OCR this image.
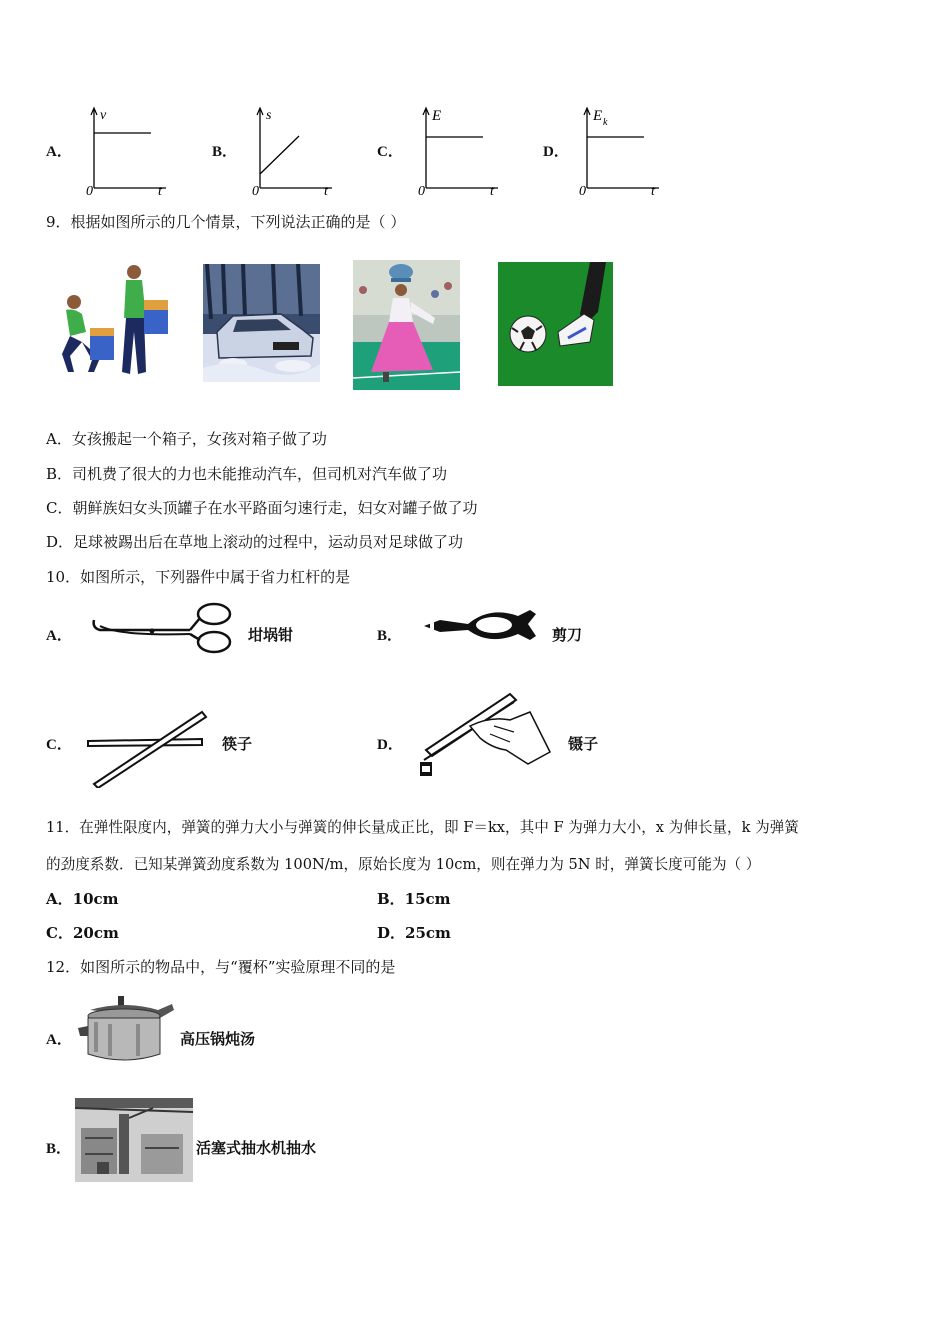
A．
v
0	t
B．
s
0	t
C．
E
0	t
D．
E k
0	t
9．根据如图所示的几个情景，下列说法正确的是（ ）
A．女孩搬起一个箱子，女孩对箱子做了功
B．司机费了很大的力也未能推动汽车，但司机对汽车做了功
C．朝鲜族妇女头顶罐子在水平路面匀速行走，妇女对罐子做了功
D．足球被踢出后在草地上滚动的过程中，运动员对足球做了功
10．如图所示，下列器件中属于省力杠杆的是
A．	坩埚钳	B．	剪刀
C．	筷子	D．	镊子
11．在弹性限度内，弹簧的弹力大小与弹簧的伸长量成正比，即 F＝kx，其中 F 为弹力大小，x 为伸长量，k 为弹簧
的劲度系数．已知某弹簧劲度系数为 100N/m，原始长度为 10cm，则在弹力为 5N 时，弹簧长度可能为（ ）
A．10cm	B．15cm
C．20cm	D．25cm
12．如图所示的物品中，与“覆杯”实验原理不同的是
A．	高压锅炖汤
B．	活塞式抽水机抽水
